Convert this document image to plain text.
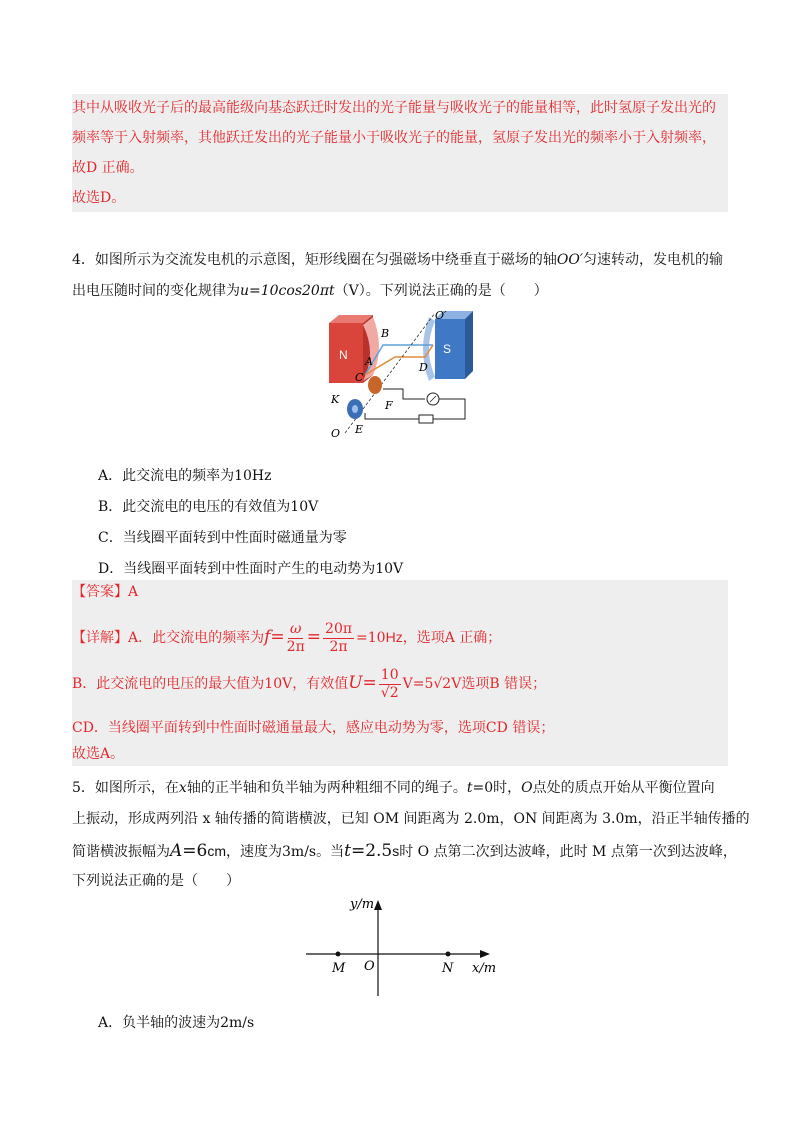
其中从吸收光子后的最高能级向基态跃迁时发出的光子能量与吸收光子的能量相等，此时氢原子发出光的
频率等于入射频率，其他跃迁发出的光子能量小于吸收光子的能量，氢原子发出光的频率小于入射频率，
故D 正确。
故选D。
4．如图所示为交流发电机的示意图，矩形线圈在匀强磁场中绕垂直于磁场的轴OO′匀速转动，发电机的输
出电压随时间的变化规律为u=10cos20πt（V）。下列说法正确的是（　　）
N	S
B
A
C
D
F
K
E
O
O′
A．此交流电的频率为10Hz
B．此交流电的电压的有效值为10V
C．当线圈平面转到中性面时磁通量为零
D．当线圈平面转到中性面时产生的电动势为10V
【答案】A
【详解】A．此交流电的频率为$f= \frac{\omega}{2\pi} = \frac{20\pi}{2\pi} =10Hz$，选项A 正确；
B．此交流电的电压的最大值为10V，有效值$U= \frac{10}{√2} V=5√2V$选项B 错误；
CD．当线圈平面转到中性面时磁通量最大，感应电动势为零，选项CD 错误；
故选A。
5．如图所示，在x轴的正半轴和负半轴为两种粗细不同的绳子。t=0时，O点处的质点开始从平衡位置向
上振动，形成两列沿 x 轴传播的简谐横波，已知 OM 间距离为 2.0m，ON 间距离为 3.0m，沿正半轴传播的
简谐横波振幅为A=6cm，速度为3m/s。当t=2.5s时 O 点第二次到达波峰，此时 M 点第一次到达波峰，
下列说法正确的是（　　）
y/m
x/m
M O	N
A．负半轴的波速为2m/s
